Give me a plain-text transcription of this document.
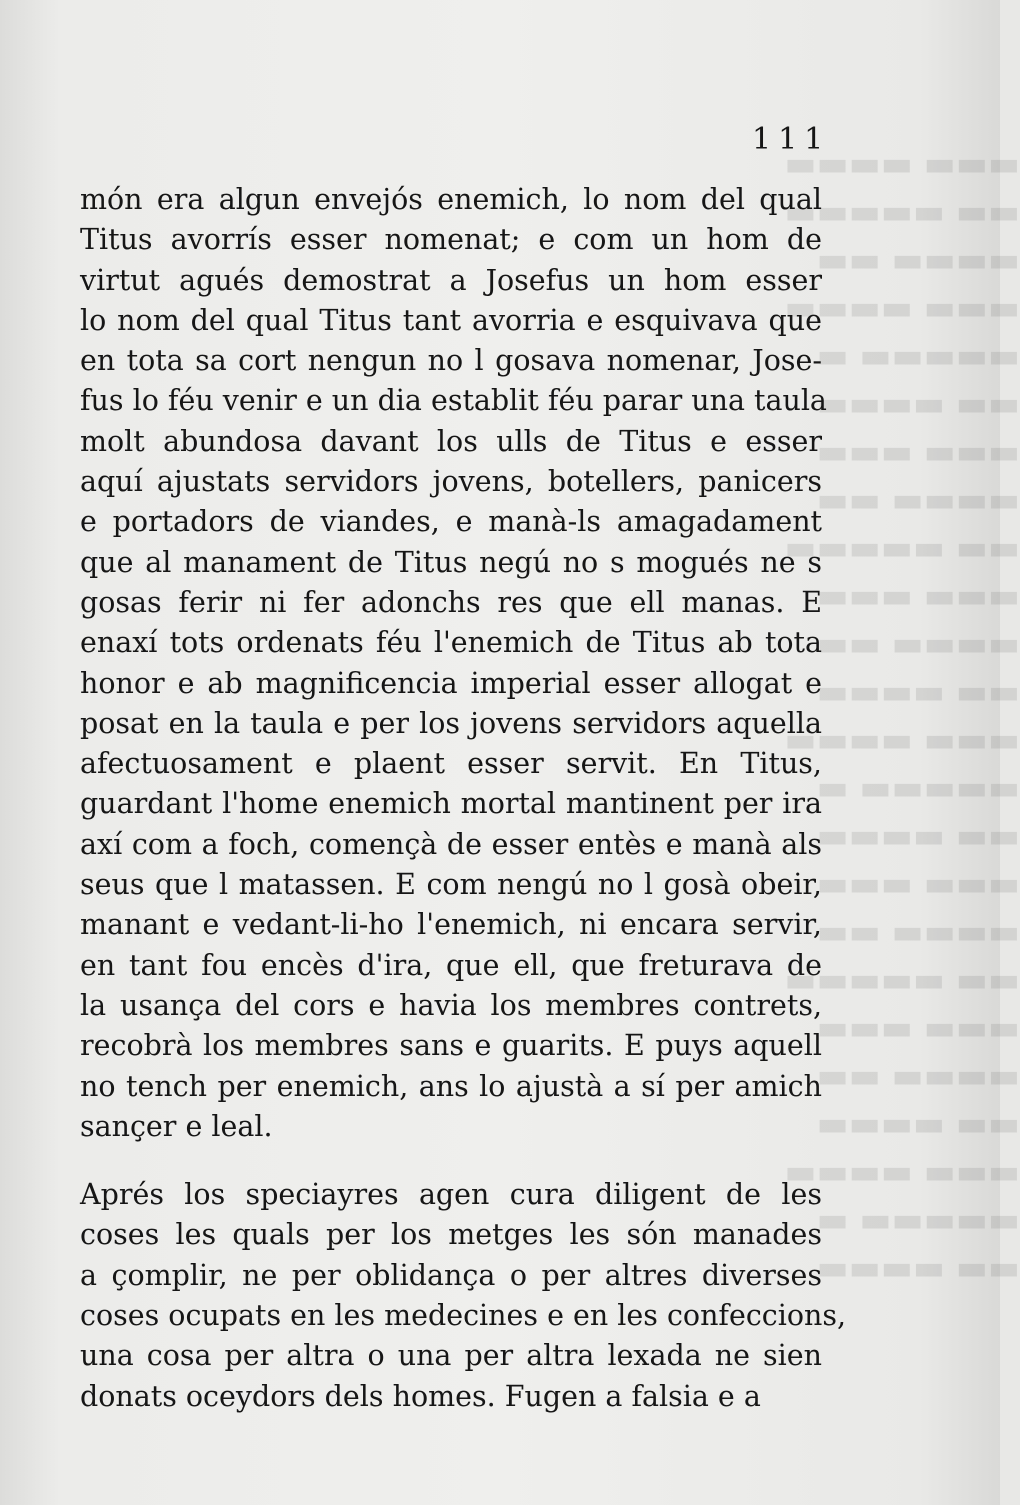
▬▬▬ ▬▬▬▬
▬▬ ▬▬▬▬▬
▬▬▬▬ ▬▬
▬▬▬ ▬▬▬▬
▬▬▬▬▬ ▬
▬▬ ▬▬▬▬
▬▬▬ ▬▬▬
▬▬▬▬ ▬▬
▬▬ ▬▬▬▬▬
▬▬▬ ▬▬▬
▬▬▬▬ ▬▬
▬▬ ▬▬▬▬
▬▬▬ ▬▬▬▬
▬▬▬▬▬ ▬
▬▬ ▬▬▬▬
▬▬▬ ▬▬▬
▬▬▬▬ ▬▬
▬▬ ▬▬▬▬▬
▬▬▬ ▬▬▬
▬▬▬▬ ▬▬
▬▬ ▬▬▬▬
▬▬▬ ▬▬▬▬
▬▬▬▬▬ ▬
▬▬ ▬▬▬▬
111
món era algun envejós enemich, lo nom del qual
Titus avorrís esser nomenat; e com un hom de
virtut agués demostrat a Josefus un hom esser
lo nom del qual Titus tant avorria e esquivava que
en tota sa cort nengun no l gosava nomenar, Jose-
fus lo féu venir e un dia establit féu parar una taula
molt abundosa davant los ulls de Titus e esser
aquí ajustats servidors jovens, botellers, panicers
e portadors de viandes, e manà-ls amagadament
que al manament de Titus negú no s mogués ne s
gosas ferir ni fer adonchs res que ell manas. E
enaxí tots ordenats féu l'enemich de Titus ab tota
honor e ab magnificencia imperial esser allogat e
posat en la taula e per los jovens servidors aquella
afectuosament e plaent esser servit. En Titus,
guardant l'home enemich mortal mantinent per ira
axí com a foch, començà de esser entès e manà als
seus que l matassen. E com nengú no l gosà obeir,
manant e vedant-li-ho l'enemich, ni encara servir,
en tant fou encès d'ira, que ell, que freturava de
la usança del cors e havia los membres contrets,
recobrà los membres sans e guarits. E puys aquell
no tench per enemich, ans lo ajustà a sí per amich
sançer e leal.
Aprés los speciayres agen cura diligent de les
coses les quals per los metges les són manades
a çomplir, ne per oblidança o per altres diverses
coses ocupats en les medecines e en les confeccions,
una cosa per altra o una per altra lexada ne sien
donats oceydors dels homes. Fugen a falsia e a
